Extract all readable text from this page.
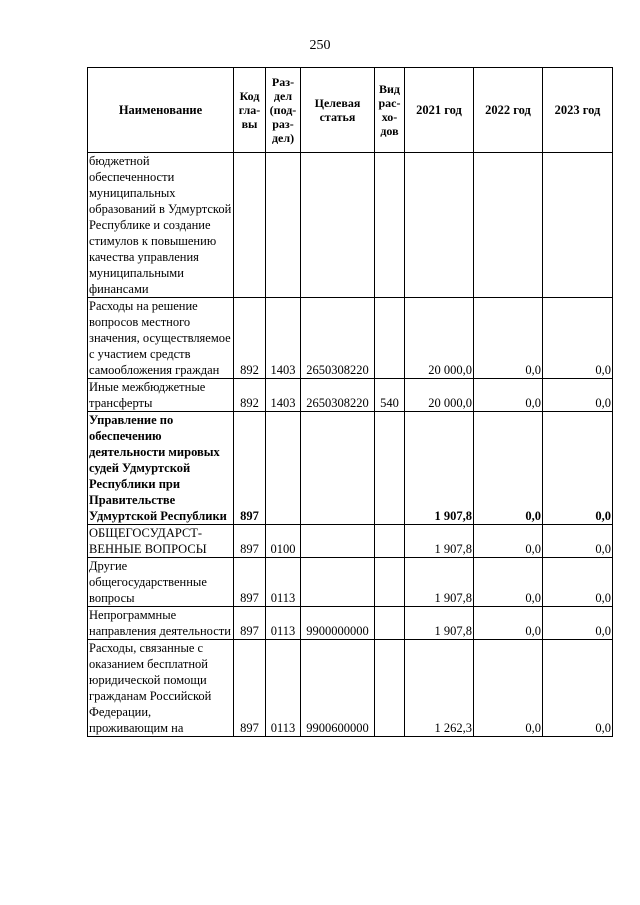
250
Наименование	Код гла- вы	Раз- дел (под- раз- дел)	Целевая статья	Вид рас- хо- дов	2021 год	2022 год	2023 год
бюджетной обеспеченности муниципальных образований в Удмуртской Республике и создание стимулов к повышению качества управления муниципальными финансами							
Расходы на решение вопросов местного значения, осуществляемое с участием средств самообложения граждан	892	1403	2650308220		20 000,0	0,0	0,0
Иные межбюджетные трансферты	892	1403	2650308220	540	20 000,0	0,0	0,0
Управление по обеспечению деятельности мировых судей Удмуртской Республики при Правительстве Удмуртской Республики	897				1 907,8	0,0	0,0
ОБЩЕГОСУДАРСТ- ВЕННЫЕ ВОПРОСЫ	897	0100			1 907,8	0,0	0,0
Другие общегосударственные вопросы	897	0113			1 907,8	0,0	0,0
Непрограммные направления деятельности	897	0113	9900000000		1 907,8	0,0	0,0
Расходы, связанные с оказанием бесплатной юридической помощи гражданам Российской Федерации, проживающим на	897	0113	9900600000		1 262,3	0,0	0,0
